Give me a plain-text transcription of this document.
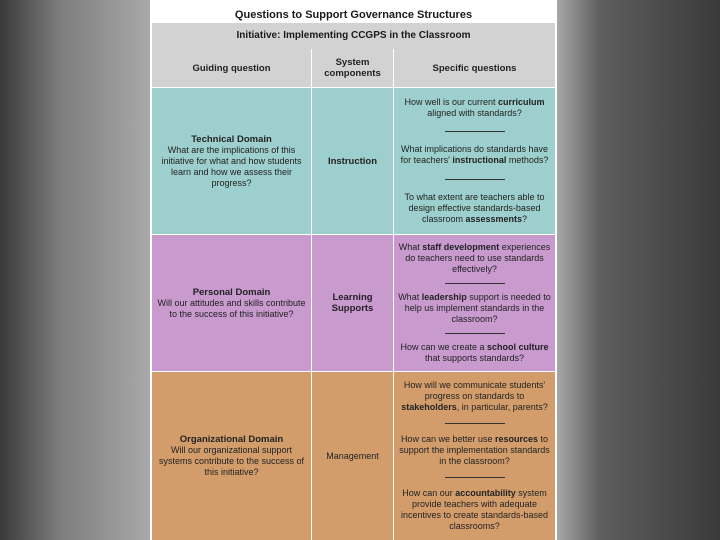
Questions to Support Governance Structures
Initiative: Implementing CCGPS in the Classroom
Guiding question	System components	Specific questions
Technical Domain
What are the implications of this initiative for what and how students learn and how we assess their progress?
Instruction
How well is our current curriculum aligned with standards?
What implications do standards have for teachers' instructional methods?
To what extent are teachers able to design effective standards-based classroom assessments?
Personal Domain
Will our attitudes and skills contribute to the success of this initiative?
Learning Supports
What staff development experiences do teachers need to use standards effectively?
What leadership support is needed to help us implement standards in the classroom?
How can we create a school culture that supports standards?
Organizational Domain
Will our organizational support systems contribute to the success of this initiative?
Management
How will we communicate students' progress on standards to stakeholders, in particular, parents?
How can we better use resources to support the implementation standards in the classroom?
How can our accountability system provide teachers with adequate incentives to create standards-based classrooms?
